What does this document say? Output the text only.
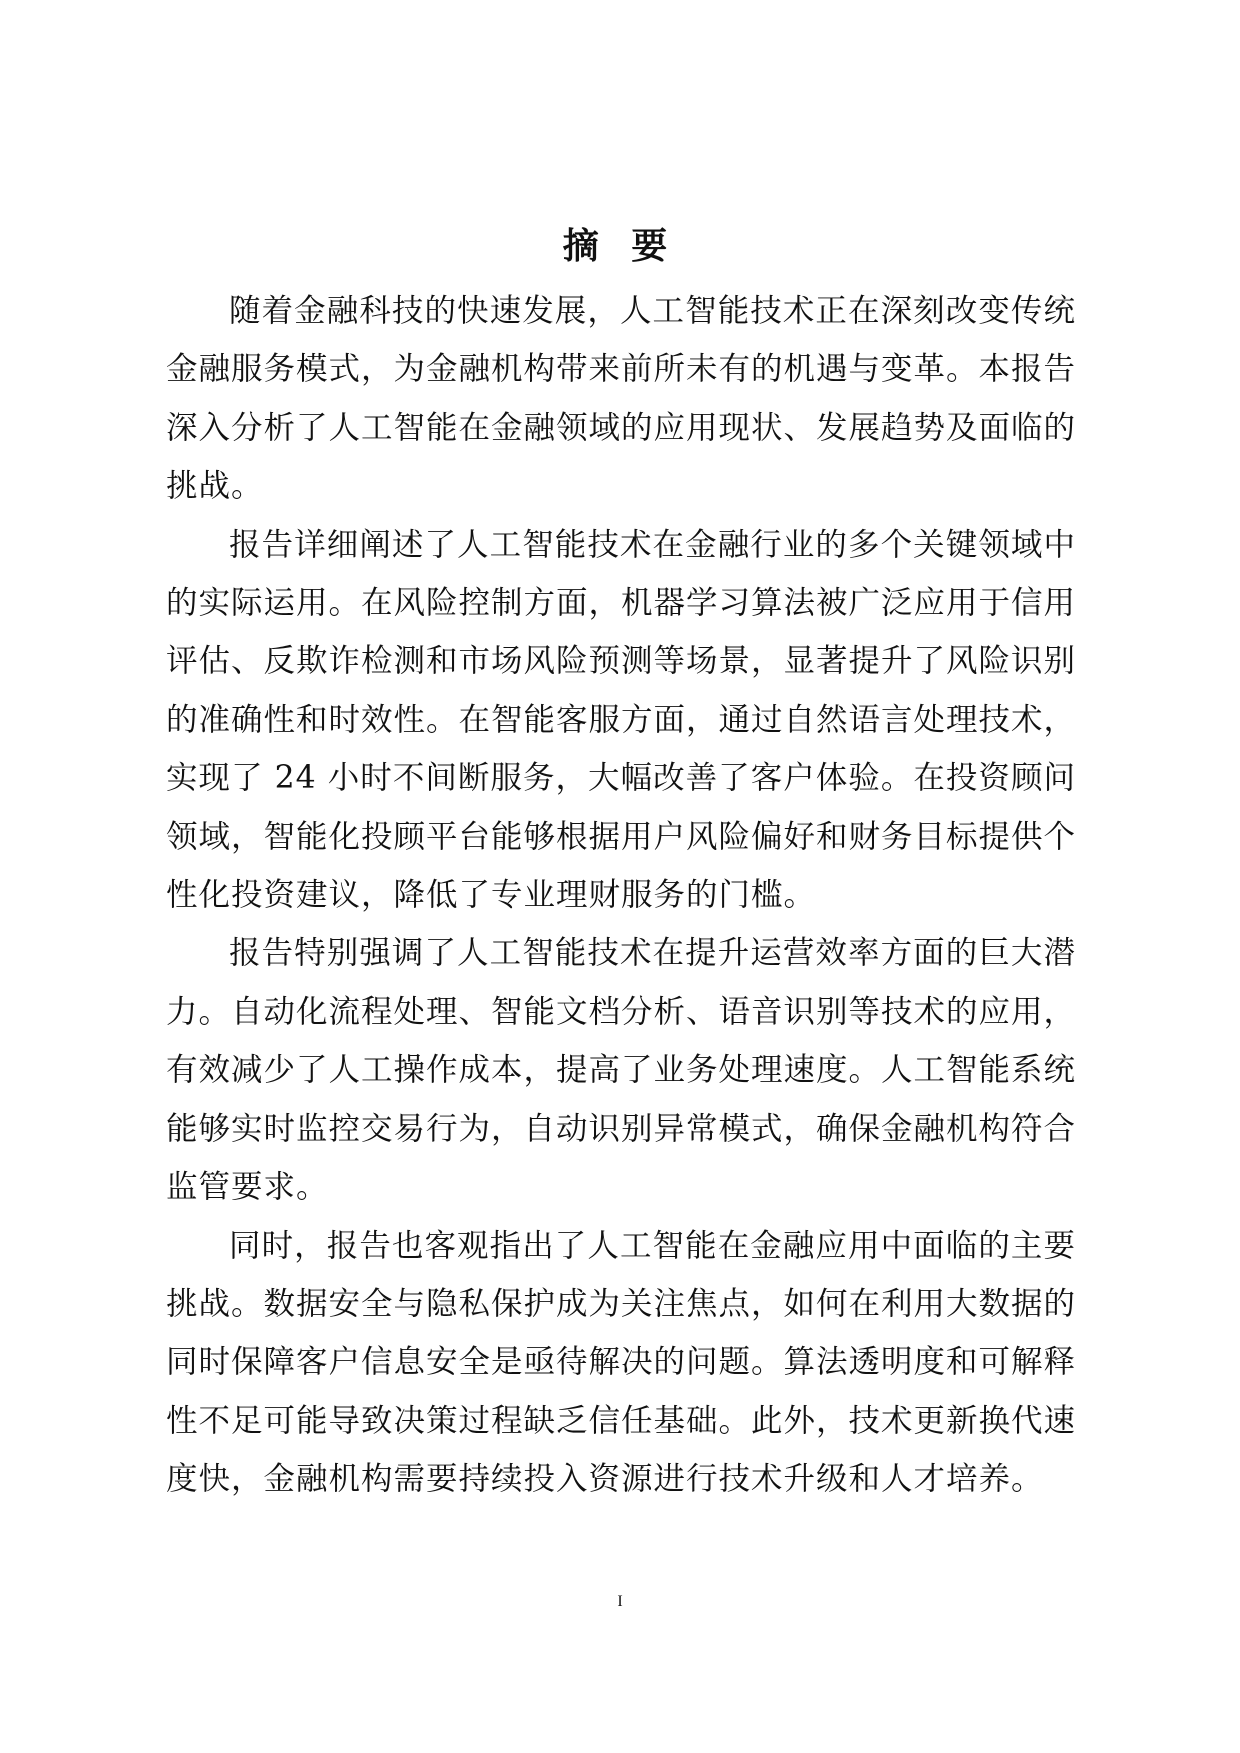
摘 要

随着金融科技的快速发展，人工智能技术正在深刻改变传统金融服务模式，为金融机构带来前所未有的机遇与变革。本报告深入分析了人工智能在金融领域的应用现状、发展趋势及面临的挑战。

报告详细阐述了人工智能技术在金融行业的多个关键领域中的实际运用。在风险控制方面，机器学习算法被广泛应用于信用评估、反欺诈检测和市场风险预测等场景，显著提升了风险识别的准确性和时效性。在智能客服方面，通过自然语言处理技术，实现了 24 小时不间断服务，大幅改善了客户体验。在投资顾问领域，智能化投顾平台能够根据用户风险偏好和财务目标提供个性化投资建议，降低了专业理财服务的门槛。

报告特别强调了人工智能技术在提升运营效率方面的巨大潜力。自动化流程处理、智能文档分析、语音识别等技术的应用，有效减少了人工操作成本，提高了业务处理速度。人工智能系统能够实时监控交易行为，自动识别异常模式，确保金融机构符合监管要求。

同时，报告也客观指出了人工智能在金融应用中面临的主要挑战。数据安全与隐私保护成为关注焦点，如何在利用大数据的同时保障客户信息安全是亟待解决的问题。算法透明度和可解释性不足可能导致决策过程缺乏信任基础。此外，技术更新换代速度快，金融机构需要持续投入资源进行技术升级和人才培养。

I
